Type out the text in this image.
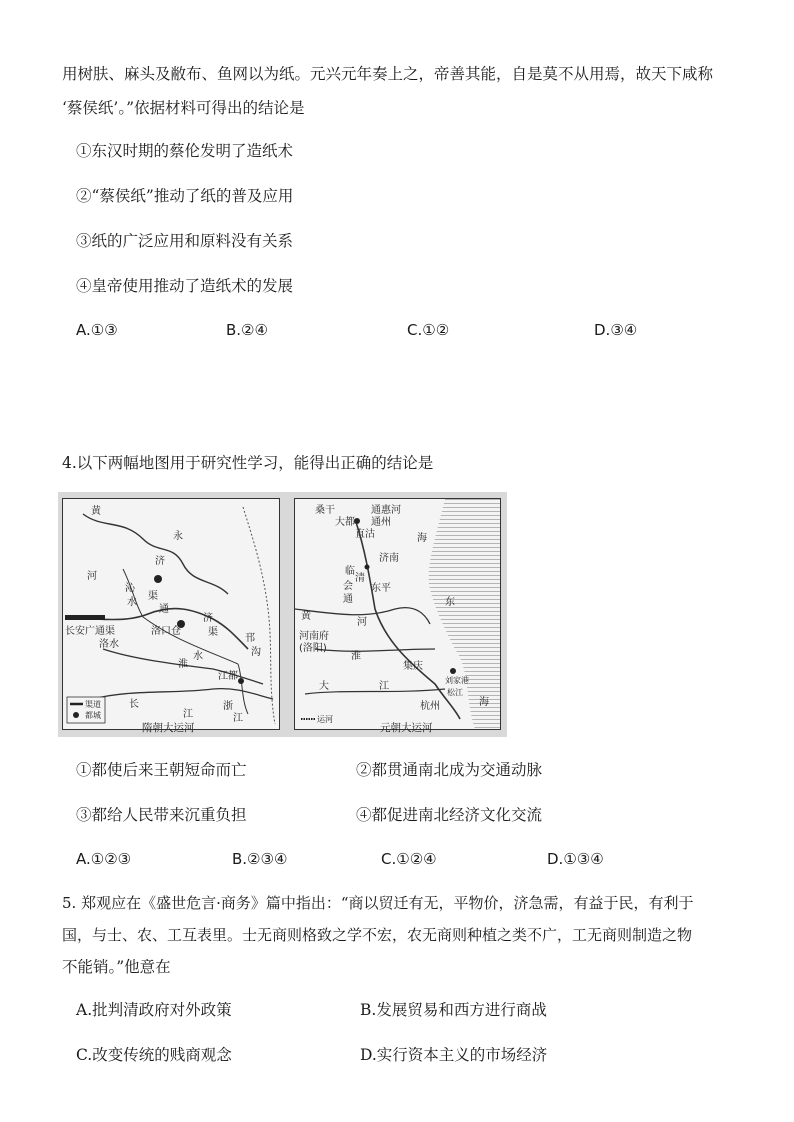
用树肤、麻头及敝布、鱼网以为纸。元兴元年奏上之，帝善其能，自是莫不从用焉，故天下咸称
‘蔡侯纸’。”依据材料可得出的结论是
①东汉时期的蔡伦发明了造纸术
②“蔡侯纸”推动了纸的普及应用
③纸的广泛应用和原料没有关系
④皇帝使用推动了造纸术的发展
A.①③	B.②④	C.①②	D.③④
4.以下两幅地图用于研究性学习，能得出正确的结论是
黄
永
济
河
沁
水
渠
通
长安 广通渠
洛水
洛口仓
济
渠
淮
水
江都
邗
沟
长
江
浙
江
渠道
都城
隋朝大运河
桑干
大都
通惠河
通州
直沽	海
济南
临
清
会
通
东平
黄
河
河南府
(洛阳)
东
淮
集庆
江
杭州
刘家港
松江
大
海
运河
元朝大运河
①都使后来王朝短命而亡	②都贯通南北成为交通动脉
③都给人民带来沉重负担	④都促进南北经济文化交流
A.①②③	B.②③④	C.①②④	D.①③④
5. 郑观应在《盛世危言·商务》篇中指出：“商以贸迁有无，平物价，济急需，有益于民，有利于
国，与士、农、工互表里。士无商则格致之学不宏，农无商则种植之类不广，工无商则制造之物
不能销。”他意在
A.批判清政府对外政策	B.发展贸易和西方进行商战
C.改变传统的贱商观念	D.实行资本主义的市场经济
